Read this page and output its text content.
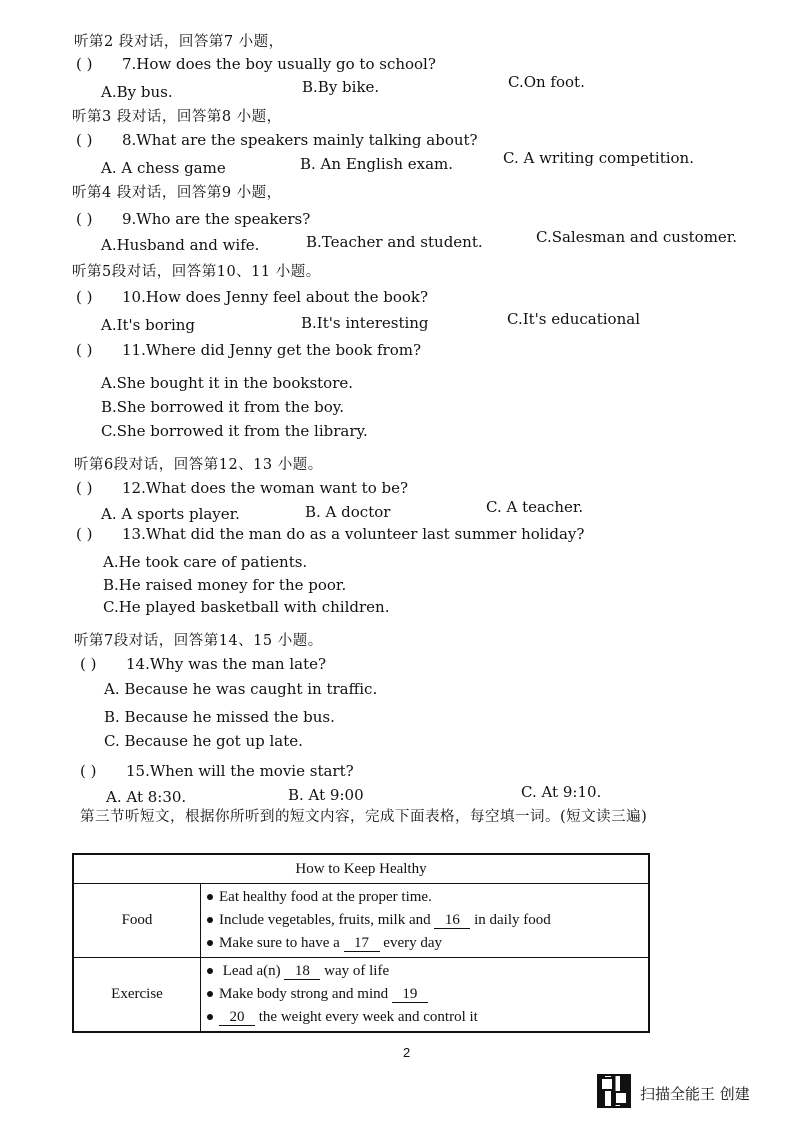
听第2 段对话，回答第7 小题，
( ) 7.How does the boy usually go to school?
A.By bus.	B.By bike.	C.On foot.
听第3 段对话，回答第8 小题，
( ) 8.What are the speakers mainly talking about?
A. A chess game	B. An English exam.	C. A writing competition.
听第4 段对话，回答第9 小题，
( ) 9.Who are the speakers?
A.Husband and wife.	B.Teacher and student.	C.Salesman and customer.
听第5段对话，回答第10、11 小题。
( ) 10.How does Jenny feel about the book?
A.It's boring	B.It's interesting	C.It's educational
( ) 11.Where did Jenny get the book from?
A.She bought it in the bookstore.
B.She borrowed it from the boy.
C.She borrowed it from the library.
听第6段对话，回答第12、13 小题。
( ) 12.What does the woman want to be?
A. A sports player.	B. A doctor	C. A teacher.
( ) 13.What did the man do as a volunteer last summer holiday?
A.He took care of patients.
B.He raised money for the poor.
C.He played basketball with children.
听第7段对话，回答第14、15 小题。
( ) 14.Why was the man late?
A. Because he was caught in traffic.
B. Because he missed the bus.
C. Because he got up late.
( ) 15.When will the movie start?
A. At 8:30.	B. At 9:00	C. At 9:10.
第三节听短文，根据你所听到的短文内容，完成下面表格，每空填一词。(短文读三遍)
How to Keep Healthy	
Food	Eat healthy food at the proper time.
Include vegetables, fruits, milk and 16 in daily food
Make sure to have a 17 every day

Exercise	Lead a(n) 18 way of life
Make body strong and mind 19
20 the weight every week and control it
2
扫描全能王 创建
